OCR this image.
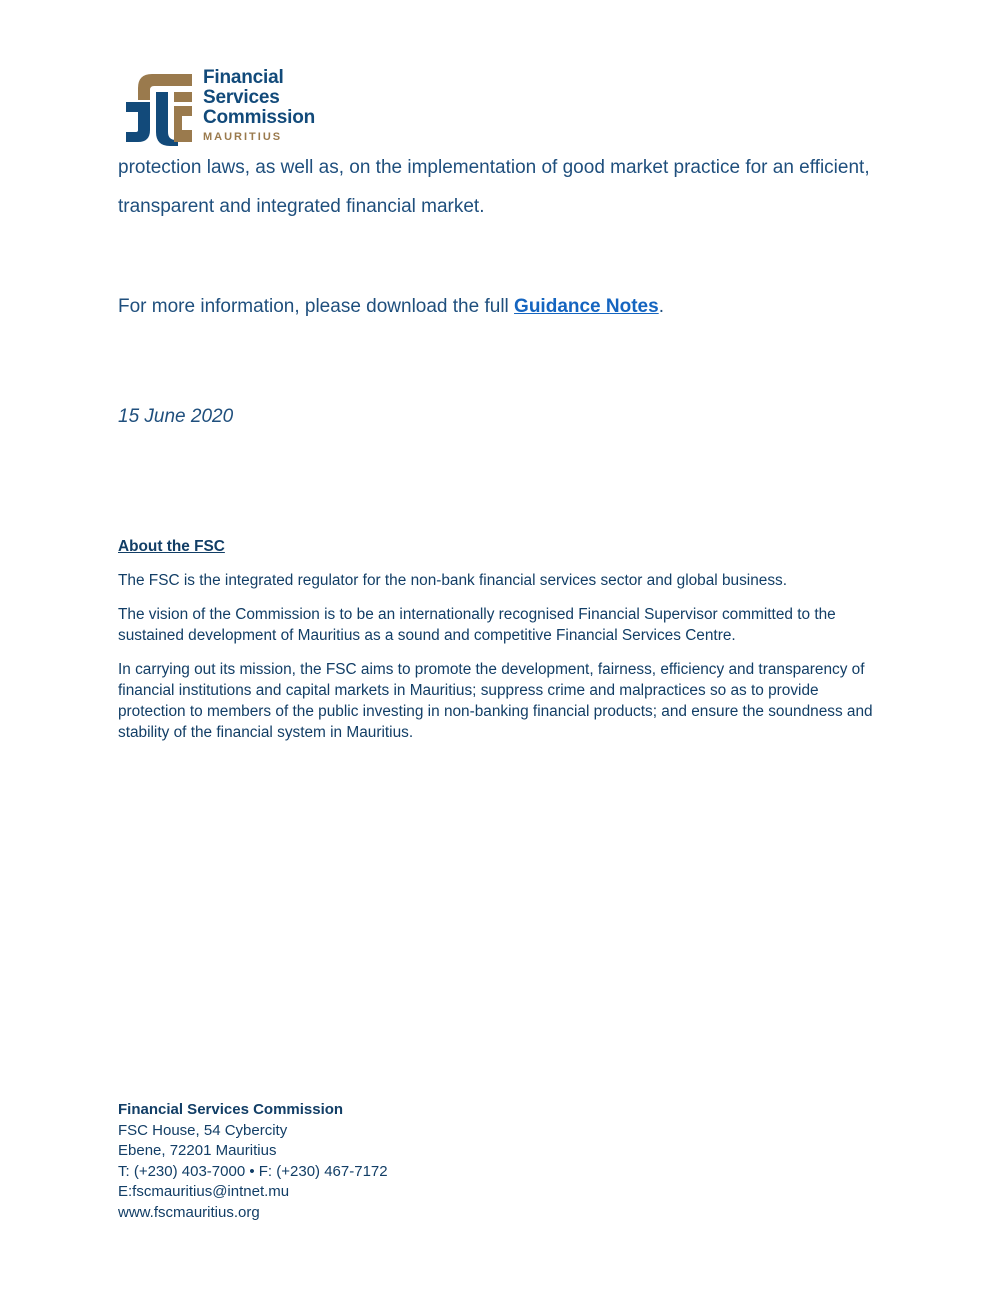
Financial
Services
Commission
MAURITIUS
protection laws, as well as, on the implementation of good market practice for an efficient,
transparent and integrated financial market.
For more information, please download the full Guidance Notes.
15 June 2020

About the FSC

The FSC is the integrated regulator for the non-bank financial services sector and global business.

The vision of the Commission is to be an internationally recognised Financial Supervisor committed to the sustained development of Mauritius as a sound and competitive Financial Services Centre.

In carrying out its mission, the FSC aims to promote the development, fairness, efficiency and transparency of financial institutions and capital markets in Mauritius; suppress crime and malpractices so as to provide protection to members of the public investing in non-banking financial products; and ensure the soundness and stability of the financial system in Mauritius.

Financial Services Commission
FSC House, 54 Cybercity
Ebene, 72201 Mauritius
T: (+230) 403-7000 • F: (+230) 467-7172
E:fscmauritius@intnet.mu
www.fscmauritius.org
